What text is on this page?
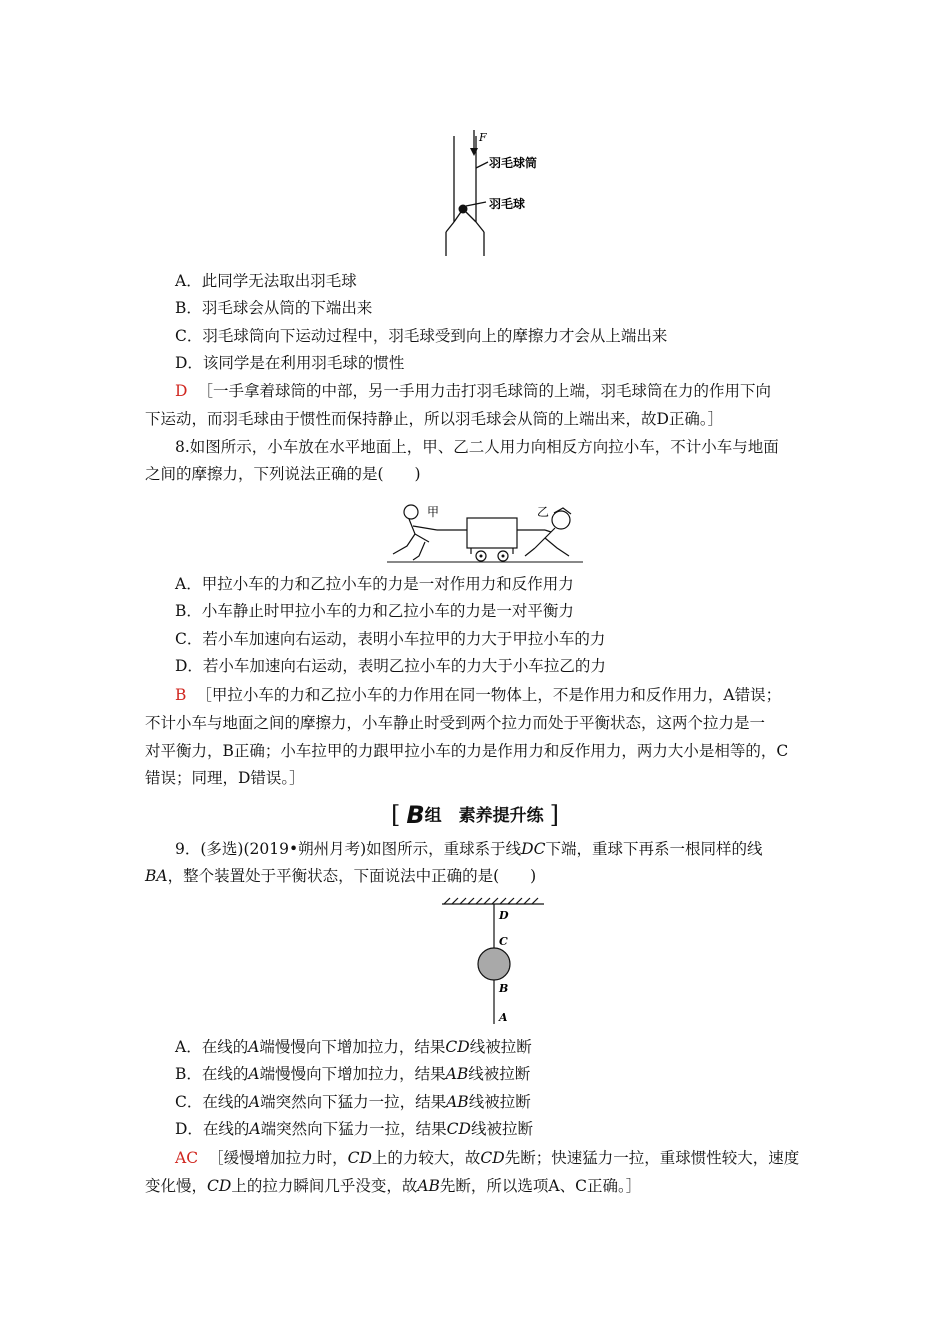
F
羽毛球筒
羽毛球
A．此同学无法取出羽毛球
B．羽毛球会从筒的下端出来
C．羽毛球筒向下运动过程中，羽毛球受到向上的摩擦力才会从上端出来
D．该同学是在利用羽毛球的惯性
D ［一手拿着球筒的中部，另一手用力击打羽毛球筒的上端，羽毛球筒在力的作用下向
下运动，而羽毛球由于惯性而保持静止，所以羽毛球会从筒的上端出来，故D正确。］
8.如图所示，小车放在水平地面上，甲、乙二人用力向相反方向拉小车，不计小车与地面
之间的摩擦力，下列说法正确的是(　　)
甲	乙
A．甲拉小车的力和乙拉小车的力是一对作用力和反作用力
B．小车静止时甲拉小车的力和乙拉小车的力是一对平衡力
C．若小车加速向右运动，表明小车拉甲的力大于甲拉小车的力
D．若小车加速向右运动，表明乙拉小车的力大于小车拉乙的力
B ［甲拉小车的力和乙拉小车的力作用在同一物体上，不是作用力和反作用力，A错误；
不计小车与地面之间的摩擦力，小车静止时受到两个拉力而处于平衡状态，这两个拉力是一
对平衡力，B正确；小车拉甲的力跟甲拉小车的力是作用力和反作用力，两力大小是相等的，C
错误；同理，D错误。］
[ B组　素养提升练 ]
9．(多选)(2019•朔州月考)如图所示，重球系于线DC下端，重球下再系一根同样的线
BA，整个装置处于平衡状态，下面说法中正确的是(　　)
D
C
B
A
A．在线的A端慢慢向下增加拉力，结果CD线被拉断
B．在线的A端慢慢向下增加拉力，结果AB线被拉断
C．在线的A端突然向下猛力一拉，结果AB线被拉断
D．在线的A端突然向下猛力一拉，结果CD线被拉断
AC ［缓慢增加拉力时，CD上的力较大，故CD先断；快速猛力一拉，重球惯性较大，速度
变化慢，CD上的拉力瞬间几乎没变，故AB先断，所以选项A、C正确。］
